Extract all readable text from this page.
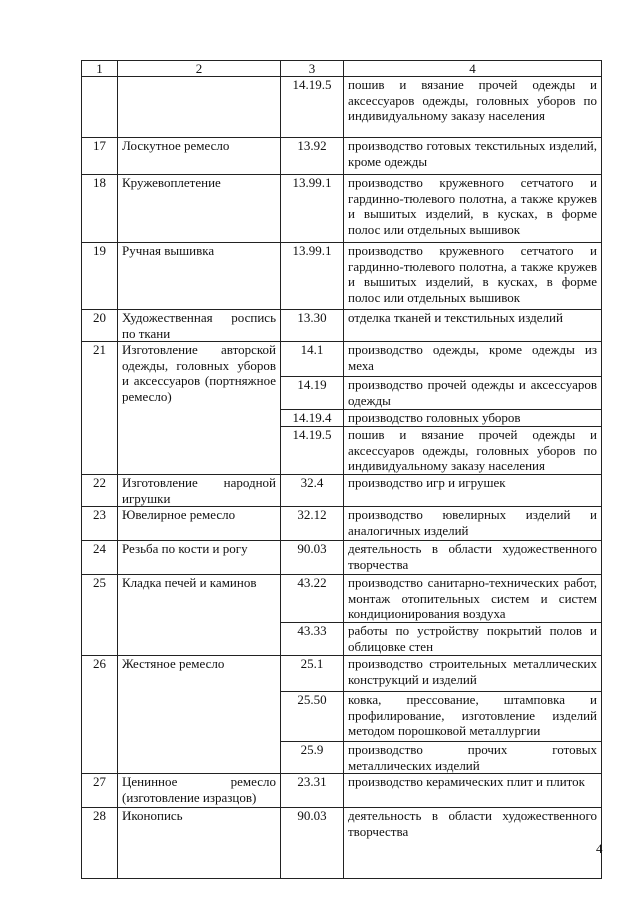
1	2	3	4
		14.19.5	пошив и вязание прочей одежды и аксессуаров одежды, головных уборов по индивидуальному заказу населения
17	Лоскутное ремесло	13.92	производство готовых текстильных изделий, кроме одежды
18	Кружевоплетение	13.99.1	производство кружевного сетчатого и гардинно-тюлевого полотна, а также кружев и вышитых изделий, в кусках, в форме полос или отдельных вышивок
19	Ручная вышивка	13.99.1	производство кружевного сетчатого и гардинно-тюлевого полотна, а также кружев и вышитых изделий, в кусках, в форме полос или отдельных вышивок
20	Художественная роспись по ткани	13.30	отделка тканей и текстильных изделий
21	Изготовление авторской одежды, головных уборов и аксессуаров (портняжное ремесло)	14.1	производство одежды, кроме одежды из меха
		14.19	производство прочей одежды и аксессуаров одежды
		14.19.4	производство головных уборов
		14.19.5	пошив и вязание прочей одежды и аксессуаров одежды, головных уборов по индивидуальному заказу населения
22	Изготовление народной игрушки	32.4	производство игр и игрушек
23	Ювелирное ремесло	32.12	производство ювелирных изделий и аналогичных изделий
24	Резьба по кости и рогу	90.03	деятельность в области художественного творчества
25	Кладка печей и каминов	43.22	производство санитарно-технических работ, монтаж отопительных систем и систем кондиционирования воздуха
		43.33	работы по устройству покрытий полов и облицовке стен
26	Жестяное ремесло	25.1	производство строительных металлических конструкций и изделий
		25.50	ковка, прессование, штамповка и профилирование, изготовление изделий методом порошковой металлургии
		25.9	производство прочих готовых металлических изделий
27	Ценинное ремесло (изготовление изразцов)	23.31	производство керамических плит и плиток
28	Иконопись	90.03	деятельность в области художественного творчества
4
